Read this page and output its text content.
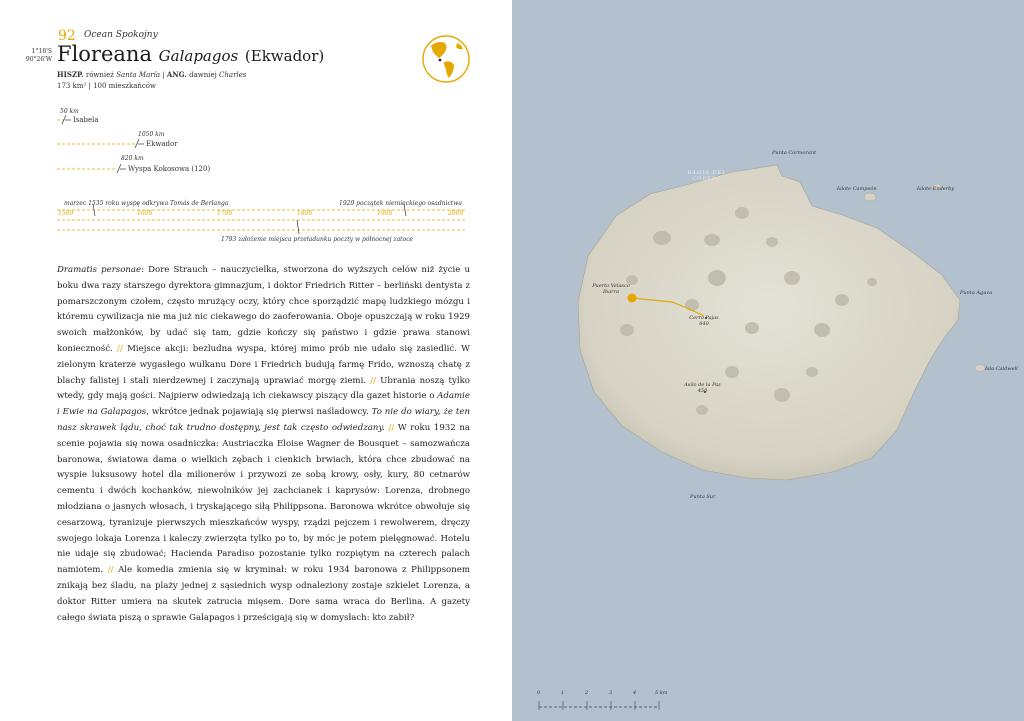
92 Ocean Spokojny
1°18'S
90°26'W Floreana Galapagos (Ekwador)
HISZP. również Santa María | ANG. dawniej Charles
173 km² | 100 mieszkańców
50 km
Isabela
1050 km
Ekwador
820 km
Wyspa Kokosowa (120)
marzec 1535 roku wyspę odkrywa Tomás de Berlanga	1929 początek niemieckiego osadnictwa
1793 założenie miejsca przeładunku poczty w północnej zatoce
1500	1600	1700	1800	1900	2000

Dramatis personae: Dore Strauch – nauczycielka, stworzona do wyższych celów niż życie u boku dwa razy starszego dyrektora gimnazjum, i doktor Friedrich Ritter – berliński dentysta z pomarszczonym czołem, często mrużący oczy, który chce sporządzić mapę ludzkiego mózgu i któremu cywilizacja nie ma już nic ciekawego do zaoferowania. Oboje opuszczają w roku 1929 swoich małżonków, by udać się tam, gdzie kończy się państwo i gdzie prawa stanowi konieczność. // Miejsce akcji: bezludna wyspa, której mimo prób nie udało się zasiedlić. W zielonym kraterze wygasłego wulkanu Dore i Friedrich budują farmę Frido, wznoszą chatę z blachy falistej i stali nierdzewnej i zaczynają uprawiać morgę ziemi. // Ubrania noszą tylko wtedy, gdy mają gości. Najpierw odwiedzają ich ciekawscy piszący dla gazet historie o Adamie i Ewie na Galapagos, wkrótce jednak pojawiają się pierwsi naśladowcy. To nie do wiary, że ten nasz skrawek lądu, choć tak trudno dostępny, jest tak często odwiedzany. // W roku 1932 na scenie pojawia się nowa osadniczka: Austriaczka Eloise Wagner de Bousquet – samozwańcza baronowa, światowa dama o wielkich zębach i cienkich brwiach, która chce zbudować na wyspie luksusowy hotel dla milionerów i przywozi ze sobą krowy, osły, kury, 80 cetnarów cementu i dwóch kochanków, niewolników jej zachcianek i kaprysów: Lorenza, drobnego młodziana o jasnych włosach, i tryskającego siłą Philippsona. Baronowa wkrótce obwołuje się cesarzową, tyranizuje pierwszych mieszkańców wyspy, rządzi pejczem i rewolwerem, dręczy swojego lokaja Lorenza i kaleczy zwierzęta tylko po to, by móc je potem pielęgnować. Hotelu nie udaje się zbudować; Hacienda Paradiso pozostanie tylko rozpiętym na czterech palach namiotem. // Ale komedia zmienia się w kryminał: w roku 1934 baronowa z Philippsonem znikają bez śladu, na plaży jednej z sąsiednich wysp odnaleziony zostaje szkielet Lorenza, a doktor Ritter umiera na skutek zatrucia mięsem. Dore sama wraca do Berlina. A gazety całego świata piszą o sprawie Galapagos i prześcigają się w domysłach: kto zabił?

Punta Cormorant
BAHÍA DEL CORREO
Islote Campeón	Islote Enderby
Puerto Velasco Ibarra
Cerro Pajas 640
Punta Aguva
Isla Caldwell
Asilo de la Paz 450
Punta Sur
0	1	2	3	4	5 km
